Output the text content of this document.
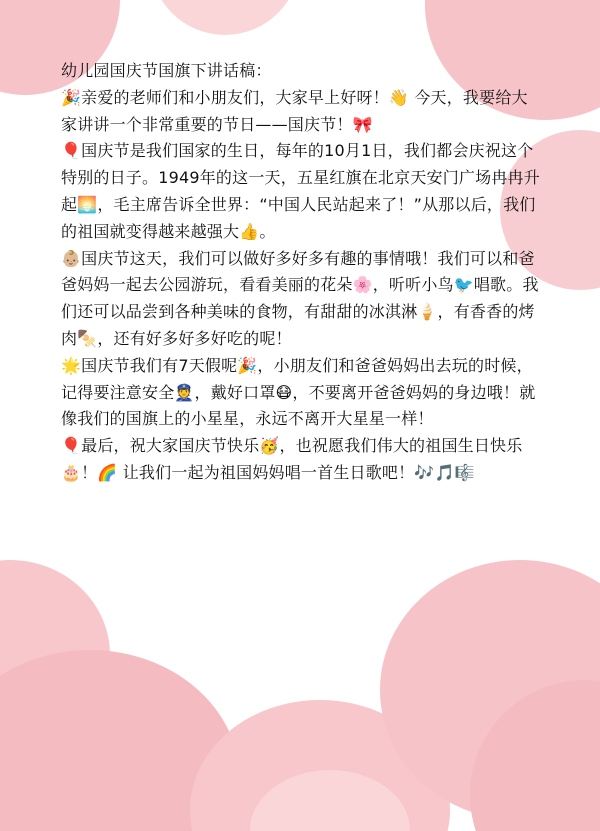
幼儿园国庆节国旗下讲话稿：

🎉亲爱的老师们和小朋友们，大家早上好呀！👋 今天，我要给大家讲讲一个非常重要的节日——国庆节！🎀

🎈国庆节是我们国家的生日，每年的10月1日，我们都会庆祝这个特别的日子。1949年的这一天，五星红旗在北京天安门广场冉冉升起🌅，毛主席告诉全世界：“中国人民站起来了！”从那以后，我们的祖国就变得越来越强大👍。

👶🏼国庆节这天，我们可以做好多好多有趣的事情哦！我们可以和爸爸妈妈一起去公园游玩，看看美丽的花朵🌸，听听小鸟🐦唱歌。我们还可以品尝到各种美味的食物，有甜甜的冰淇淋🍦，有香香的烤肉🍢，还有好多好多好吃的呢！

🌟国庆节我们有7天假呢🎉，小朋友们和爸爸妈妈出去玩的时候，记得要注意安全👮，戴好口罩😷，不要离开爸爸妈妈的身边哦！就像我们的国旗上的小星星，永远不离开大星星一样！

🎈最后，祝大家国庆节快乐🥳，也祝愿我们伟大的祖国生日快乐🎂！🌈 让我们一起为祖国妈妈唱一首生日歌吧！🎶🎵🎼
